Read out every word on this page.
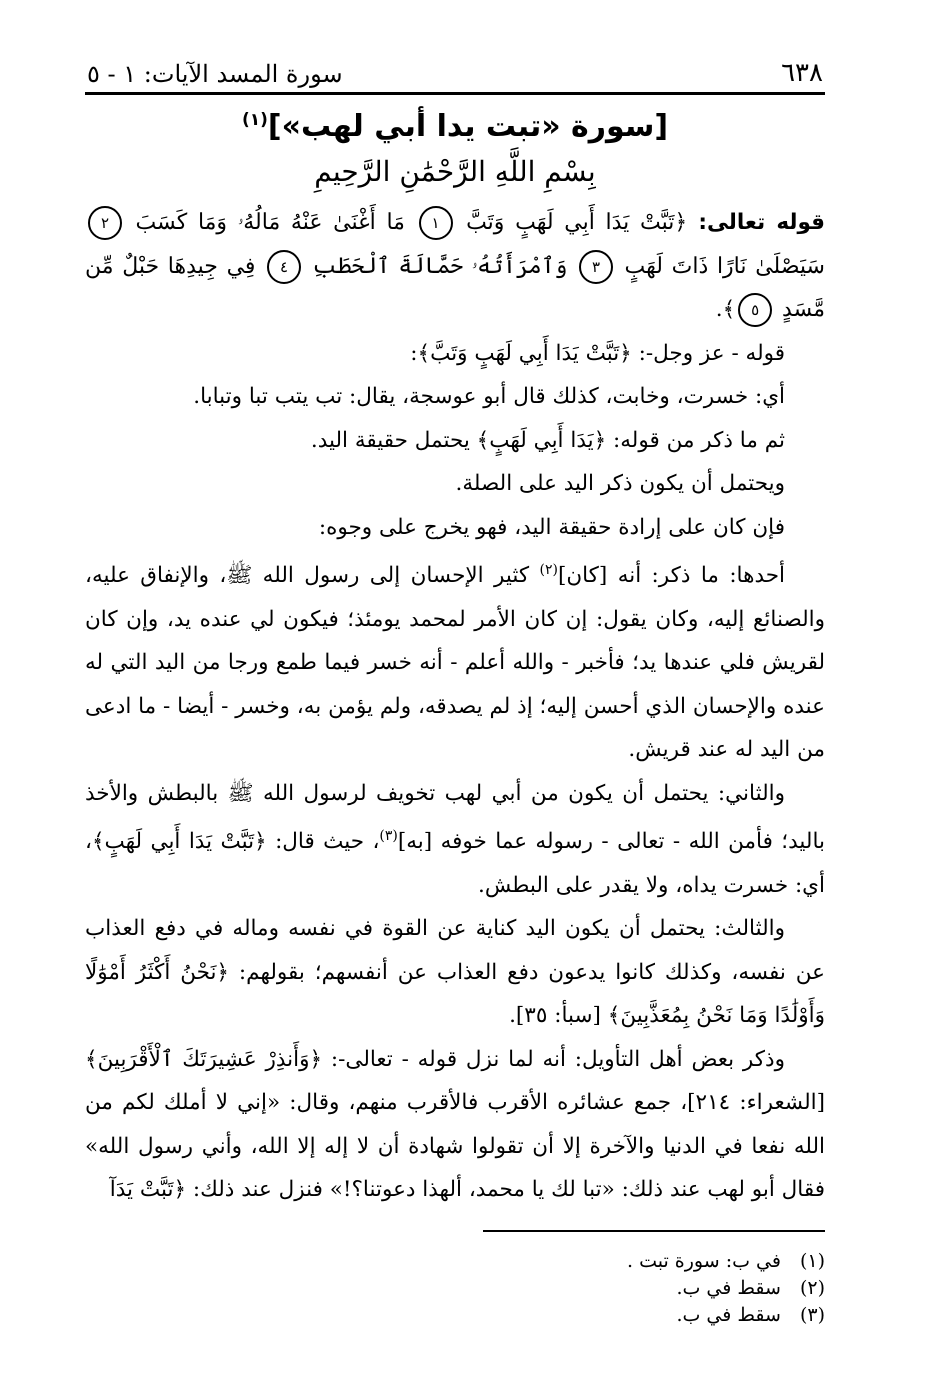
٦٣٨
سورة المسد الآيات: ١ - ٥
[سورة «تبت يدا أبي لهب»]$^{(١)}$
بِسْمِ اللَّهِ الرَّحْمَٰنِ الرَّحِيمِ

قوله تعالى: ﴿تَبَّتْ يَدَا أَبِي لَهَبٍ وَتَبَّ ١ مَا أَغْنَىٰ عَنْهُ مَالُهُۥ وَمَا كَسَبَ ٢ سَيَصْلَىٰ نَارًا ذَاتَ لَهَبٍ ٣ وَٱمْرَأَتُهُۥ حَمَّالَةَ ٱلْحَطَبِ ٤ فِي جِيدِهَا حَبْلٌ مِّن مَّسَدٍ ٥﴾.

قوله - عز وجل-: ﴿تَبَّتْ يَدَا أَبِي لَهَبٍ وَتَبَّ﴾:

أي: خسرت، وخابت، كذلك قال أبو عوسجة، يقال: تب يتب تبا وتبابا.

ثم ما ذكر من قوله: ﴿يَدَا أَبِي لَهَبٍ﴾ يحتمل حقيقة اليد.

ويحتمل أن يكون ذكر اليد على الصلة.

فإن كان على إرادة حقيقة اليد، فهو يخرج على وجوه:

أحدها: ما ذكر: أنه [كان]$^{(٢)}$ كثير الإحسان إلى رسول الله ﷺ، والإنفاق عليه، والصنائع إليه، وكان يقول: إن كان الأمر لمحمد يومئذ؛ فيكون لي عنده يد، وإن كان لقريش فلي عندها يد؛ فأخبر - والله أعلم - أنه خسر فيما طمع ورجا من اليد التي له عنده والإحسان الذي أحسن إليه؛ إذ لم يصدقه، ولم يؤمن به، وخسر - أيضا - ما ادعى من اليد له عند قريش.

والثاني: يحتمل أن يكون من أبي لهب تخويف لرسول الله ﷺ بالبطش والأخذ باليد؛ فأمن الله - تعالى - رسوله عما خوفه [به]$^{(٣)}$، حيث قال: ﴿تَبَّتْ يَدَا أَبِي لَهَبٍ﴾، أي: خسرت يداه، ولا يقدر على البطش.

والثالث: يحتمل أن يكون اليد كناية عن القوة في نفسه وماله في دفع العذاب عن نفسه، وكذلك كانوا يدعون دفع العذاب عن أنفسهم؛ بقولهم: ﴿نَحْنُ أَكْثَرُ أَمْوَٰلًا وَأَوْلَٰدًا وَمَا نَحْنُ بِمُعَذَّبِينَ﴾ [سبأ: ٣٥].

وذكر بعض أهل التأويل: أنه لما نزل قوله - تعالى-: ﴿وَأَنذِرْ عَشِيرَتَكَ ٱلْأَقْرَبِينَ﴾ [الشعراء: ٢١٤]، جمع عشائره الأقرب فالأقرب منهم، وقال: «إني لا أملك لكم من الله نفعا في الدنيا والآخرة إلا أن تقولوا شهادة أن لا إله إلا الله، وأني رسول الله» فقال أبو لهب عند ذلك: «تبا لك يا محمد، ألهذا دعوتنا؟!» فنزل عند ذلك: ﴿تَبَّتْ يَدَآ

(١) في ب: سورة تبت .
(٢) سقط في ب.
(٣) سقط في ب.
